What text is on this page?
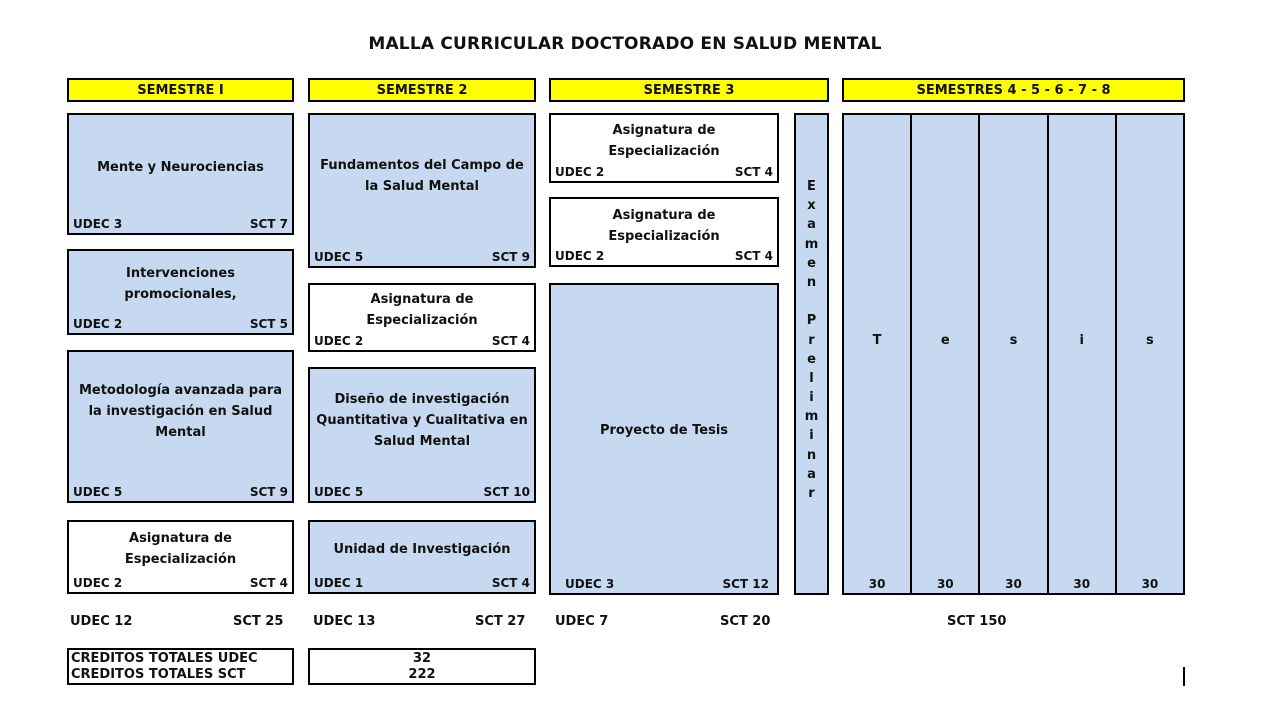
MALLA CURRICULAR DOCTORADO EN SALUD MENTAL
SEMESTRE I	SEMESTRE 2	SEMESTRE 3	SEMESTRES 4 - 5 - 6 - 7 - 8
Mente y Neurociencias
UDEC 3	SCT 7
Intervenciones promocionales,
UDEC 2	SCT 5
Metodología avanzada para la investigación en Salud Mental
UDEC 5	SCT 9
Asignatura de Especialización
UDEC 2	SCT 4
Fundamentos del Campo de la Salud Mental
UDEC 5	SCT 9
Asignatura de Especialización
UDEC 2	SCT 4
Diseño de investigación Quantitativa y Cualitativa en Salud Mental
UDEC 5	SCT 10
Unidad de Investigación
UDEC 1	SCT 4
Asignatura de Especialización
UDEC 2	SCT 4
Asignatura de Especialización
UDEC 2	SCT 4
Proyecto de Tesis
UDEC 3	SCT 12
E
x
a
m
e
n
P
r
e
l
i
m
i
n
a
r
T
30
e
30
s
30
i
30
s
30
UDEC 12	SCT 25 UDEC 13	SCT 27 UDEC 7	SCT 20	SCT 150
CREDITOS TOTALES UDEC
CREDITOS TOTALES SCT
32
222
